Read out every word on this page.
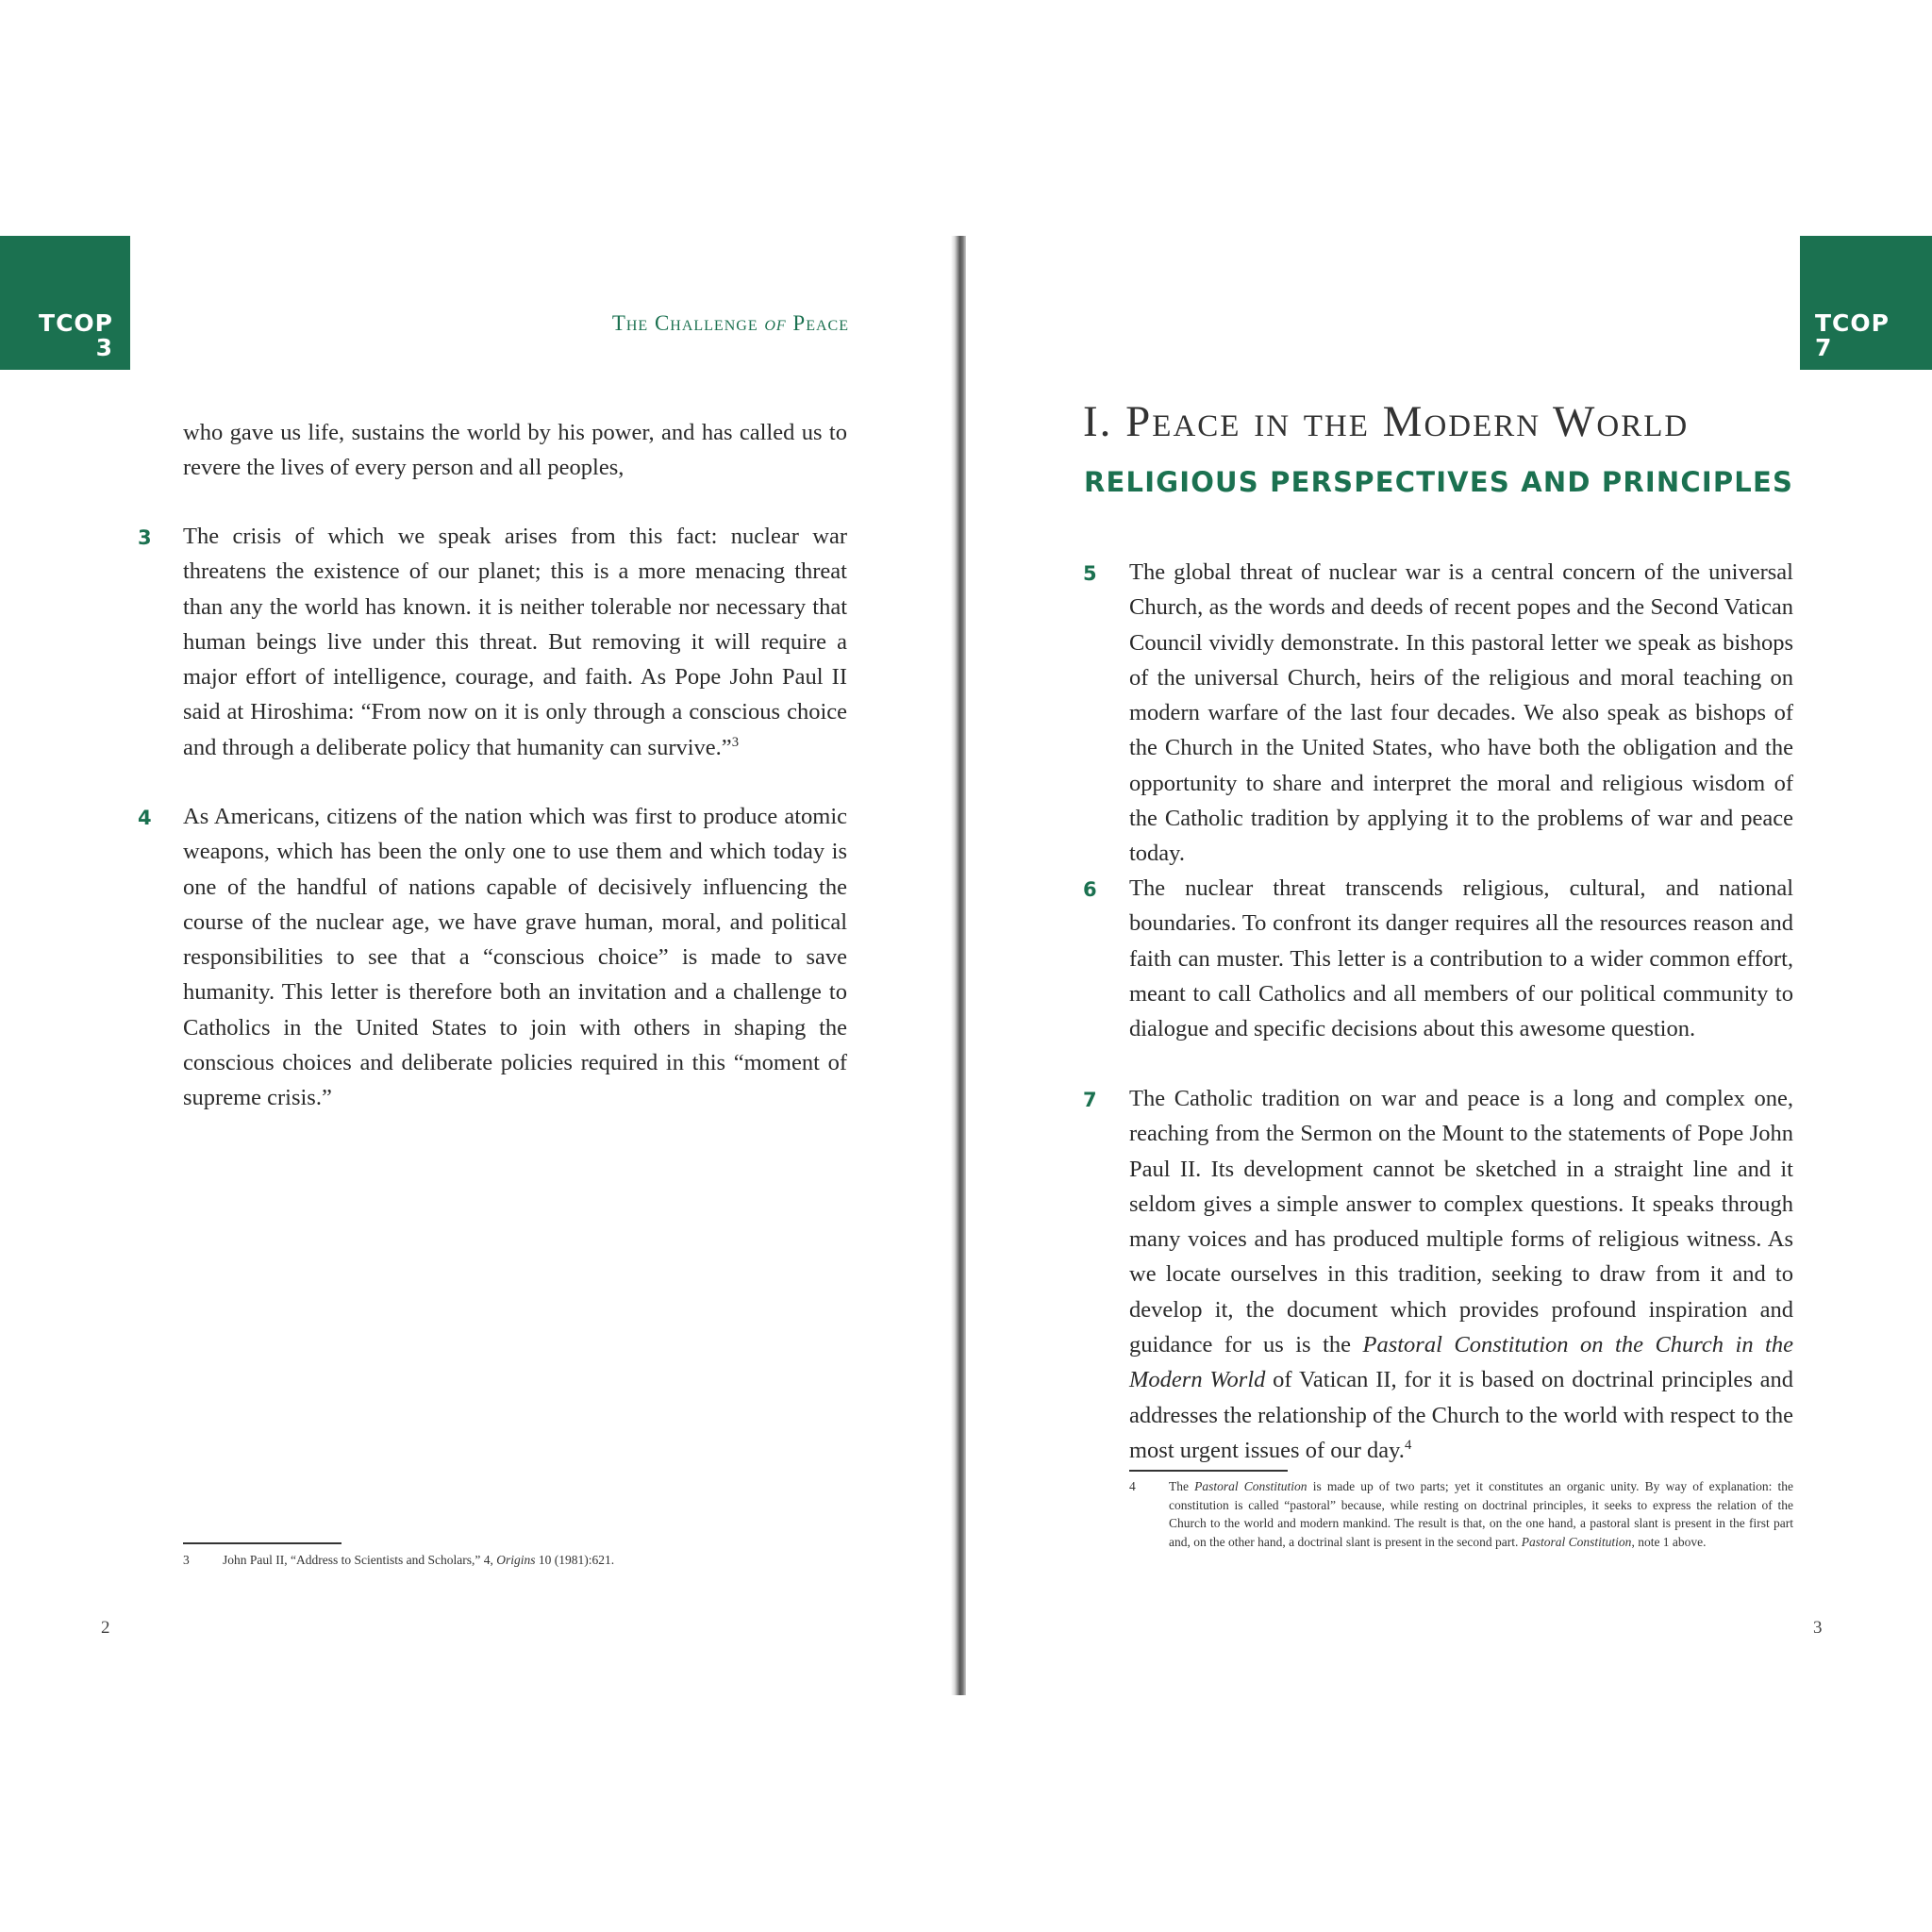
TCOP
3
The Challenge of Peace
who gave us life, sustains the world by his power, and has called us to revere the lives of every person and all peoples,
3 The crisis of which we speak arises from this fact: nuclear war threatens the existence of our planet; this is a more menacing threat than any the world has known. it is neither tolerable nor necessary that human beings live under this threat. But removing it will require a major effort of intelligence, courage, and faith. As Pope John Paul II said at Hiroshima: “From now on it is only through a conscious choice and through a deliberate policy that humanity can survive.”$^3$
4 As Americans, citizens of the nation which was first to produce atomic weapons, which has been the only one to use them and which today is one of the handful of nations capable of decisively influencing the course of the nuclear age, we have grave human, moral, and political responsibilities to see that a “conscious choice” is made to save humanity. This letter is therefore both an invitation and a challenge to Catholics in the United States to join with others in shaping the conscious choices and deliberate policies required in this “moment of supreme crisis.”
3	John Paul II, “Address to Scientists and Scholars,” 4, Origins 10 (1981):621.
2
TCOP
7
I. Peace in the Modern World
RELIGIOUS PERSPECTIVES AND PRINCIPLES
5 The global threat of nuclear war is a central concern of the universal Church, as the words and deeds of recent popes and the Second Vatican Council vividly demonstrate. In this pastoral letter we speak as bishops of the universal Church, heirs of the religious and moral teaching on modern warfare of the last four decades. We also speak as bishops of the Church in the United States, who have both the obligation and the opportunity to share and interpret the moral and religious wisdom of the Catholic tradition by applying it to the problems of war and peace today.
6 The nuclear threat transcends religious, cultural, and national boundaries. To confront its danger requires all the resources reason and faith can muster. This letter is a contribution to a wider common effort, meant to call Catholics and all members of our political community to dialogue and specific decisions about this awesome question.
7 The Catholic tradition on war and peace is a long and complex one, reaching from the Sermon on the Mount to the statements of Pope John Paul II. Its development cannot be sketched in a straight line and it seldom gives a simple answer to complex questions. It speaks through many voices and has produced multiple forms of religious witness. As we locate ourselves in this tradition, seeking to draw from it and to develop it, the document which provides profound inspiration and guidance for us is the Pastoral Constitution on the Church in the Modern World of Vatican II, for it is based on doctrinal principles and addresses the relationship of the Church to the world with respect to the most urgent issues of our day.$^4$
4	The Pastoral Constitution is made up of two parts; yet it constitutes an organic unity. By way of explanation: the constitution is called “pastoral” because, while resting on doctrinal principles, it seeks to express the relation of the Church to the world and modern mankind. The result is that, on the one hand, a pastoral slant is present in the first part and, on the other hand, a doctrinal slant is present in the second part. Pastoral Constitution, note 1 above.
3
